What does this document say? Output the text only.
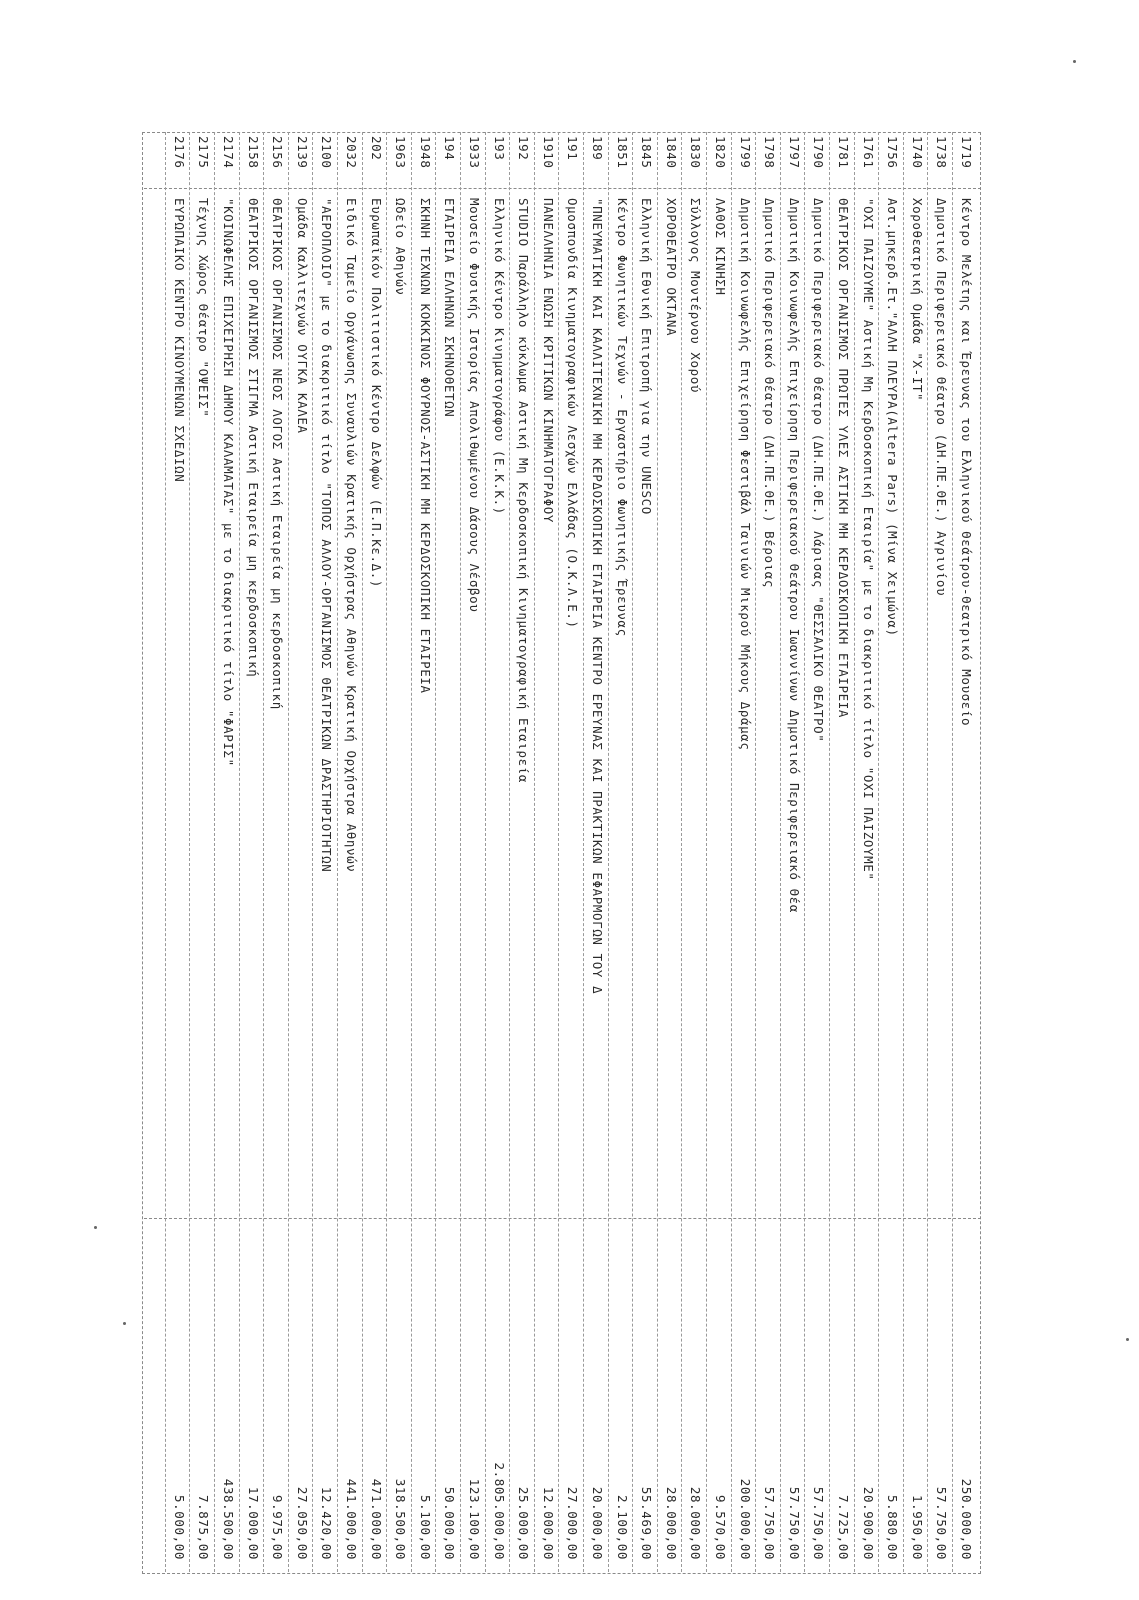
1719
Κέντρο Μελέτης και Έρευνας του Ελληνικού Θεάτρου-Θεατρικό Μουσείο
250.000,00
1738
Δημοτικό Περιφερειακό Θέατρο (ΔΗ.ΠΕ.ΘΕ.) Αγρινίου
57.750,00
1740
Χοροθεατρική Ομάδα "Χ-ΙΤ"
1.950,00
1756
Αστ.μηκερδ.Ετ."ΑΛΛΗ ΠΛΕΥΡΑ(Altera Pars) (Μίνα Χειμώνα)
5.880,00
1761
"ΟΧΙ ΠΑΙΖΟΥΜΕ" Αστική Μη Κερδοσκοπική Εταιρία" με το διακριτικό τίτλο "ΟΧΙ ΠΑΙΖΟΥΜΕ"
20.900,00
1781
ΘΕΑΤΡΙΚΟΣ ΟΡΓΑΝΙΣΜΟΣ ΠΡΩΤΕΣ ΥΛΕΣ ΑΣΤΙΚΗ ΜΗ ΚΕΡΔΟΣΚΟΠΙΚΗ ΕΤΑΙΡΕΙΑ
7.725,00
1790
Δημοτικό Περιφερειακό Θέατρο (ΔΗ.ΠΕ.ΘΕ.) Λάρισας "ΘΕΣΣΑΛΙΚΟ ΘΕΑΤΡΟ"
57.750,00
1797
Δημοτική Κοινωφελής Επιχείρηση Περιφερειακού Θεάτρου Ιωαννίνων Δημοτικό Περιφερειακό Θέα
57.750,00
1798
Δημοτικό Περιφερειακό Θέατρο (ΔΗ.ΠΕ.ΘΕ.) Βέροιας
57.750,00
1799
Δημοτική Κοινωφελής Επιχείρηση Φεστιβάλ Ταινιών Μικρού Μήκους Δράμας
200.000,00
1820
ΛΑΘΟΣ ΚΙΝΗΣΗ
9.570,00
1830
Σύλλογος Μοντέρνου Χορού
28.000,00
1840
ΧΟΡΟΘΕΑΤΡΟ ΟΚΤΑΝΑ
28.000,00
1845
Ελληνική Εθνική Επιτροπή για την UNESCO
55.469,00
1851
Κέντρο Φωνητικών Τεχνών - Εργαστήριο Φωνητικής Έρευνας
2.100,00
189
"ΠΝΕΥΜΑΤΙΚΗ ΚΑΙ ΚΑΛΛΙΤΕΧΝΙΚΗ ΜΗ ΚΕΡΔΟΣΚΟΠΙΚΗ ΕΤΑΙΡΕΙΑ ΚΕΝΤΡΟ ΕΡΕΥΝΑΣ ΚΑΙ ΠΡΑΚΤΙΚΩΝ ΕΦΑΡΜΟΓΩΝ ΤΟΥ Δ
20.000,00
191
Ομοσπονδία Κινηματογραφικών Λεσχών Ελλάδας (Ο.Κ.Λ.Ε.)
27.000,00
1910
ΠΑΝΕΛΛΗΝΙΑ ΕΝΩΣΗ ΚΡΙΤΙΚΩΝ ΚΙΝΗΜΑΤΟΓΡΑΦΟΥ
12.000,00
192
STUDIO Παράλληλο κύκλωμα Αστική Μη Κερδοσκοπική Κινηματογραφική Εταιρεία
25.000,00
193
Ελληνικό Κέντρο Κινηματογράφου (Ε.Κ.Κ.)
2.805.000,00
1933
Μουσείο Φυσικής Ιστορίας Απολιθωμένου Δάσους Λέσβου
123.100,00
194
ΕΤΑΙΡΕΙΑ ΕΛΛΗΝΩΝ ΣΚΗΝΟΘΕΤΩΝ
50.000,00
1948
ΣΚΗΝΗ ΤΕΧΝΩΝ ΚΟΚΚΙΝΟΣ ΦΟΥΡΝΟΣ-ΑΣΤΙΚΗ ΜΗ ΚΕΡΔΟΣΚΟΠΙΚΗ ΕΤΑΙΡΕΙΑ
5.100,00
1963
Ωδείο Αθηνών
318.500,00
202
Ευρωπαϊκόν Πολιτιστικό Κέντρο Δελφών (Ε.Π.Κε.Δ.)
471.000,00
2032
Ειδικό Ταμείο Οργάνωσης Συναυλιών Κρατικής Ορχήστρας Αθηνών Κρατική Ορχήστρα Αθηνών
441.000,00
2100
"ΑΕΡΟΠΛΟΙΟ" με το διακριτικό τίτλο "ΤΟΠΟΣ ΑΛΛΟΥ-ΟΡΓΑΝΙΣΜΟΣ ΘΕΑΤΡΙΚΩΝ ΔΡΑΣΤΗΡΙΟΤΗΤΩΝ
12.420,00
2139
Ομάδα Καλλιτεχνών ΟΥΓΚΑ ΚΑΛΕΑ
27.050,00
2156
ΘΕΑΤΡΙΚΟΣ ΟΡΓΑΝΙΣΜΟΣ ΝΕΟΣ ΛΟΓΟΣ Αστική Εταιρεία μη κερδοσκοπική
9.975,00
2158
ΘΕΑΤΡΙΚΟΣ ΟΡΓΑΝΙΣΜΟΣ ΣΤΙΓΜΑ Αστική Εταιρεία μη κερδοσκοπική
17.000,00
2174
"ΚΟΙΝΩΦΕΛΗΣ ΕΠΙΧΕΙΡΗΣΗ ΔΗΜΟΥ ΚΑΛΑΜΑΤΑΣ" με το διακριτικό τίτλο "ΦΑΡΙΣ"
438.500,00
2175
Τέχνης Χώρος Θέατρο "ΟΨΕΙΣ"
7.875,00
2176
ΕΥΡΩΠΑΙΚΟ ΚΕΝΤΡΟ ΚΙΝΟΥΜΕΝΩΝ ΣΧΕΔΙΩΝ
5.000,00
